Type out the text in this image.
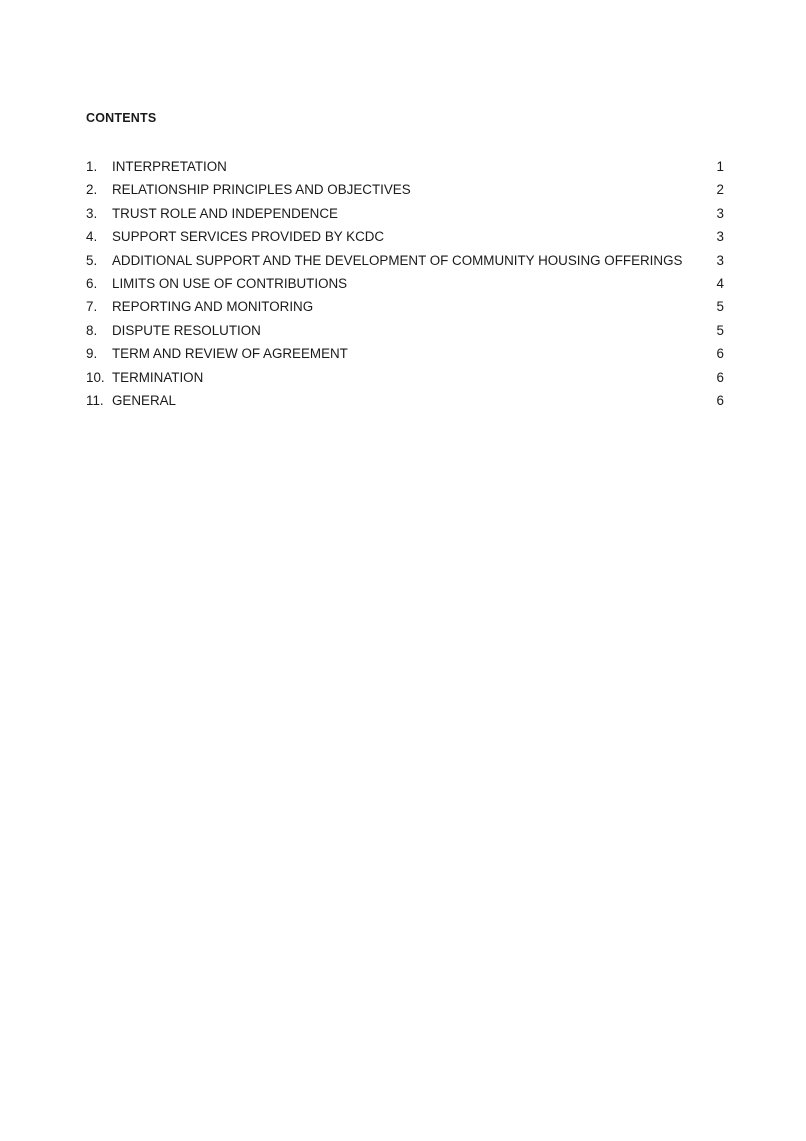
CONTENTS
1.	INTERPRETATION	1
2.	RELATIONSHIP PRINCIPLES AND OBJECTIVES	2
3.	TRUST ROLE AND INDEPENDENCE	3
4.	SUPPORT SERVICES PROVIDED BY KCDC	3
5.	ADDITIONAL SUPPORT AND THE DEVELOPMENT OF COMMUNITY HOUSING OFFERINGS	3
6.	LIMITS ON USE OF CONTRIBUTIONS	4
7.	REPORTING AND MONITORING	5
8.	DISPUTE RESOLUTION	5
9.	TERM AND REVIEW OF AGREEMENT	6
10. TERMINATION	6
11. GENERAL	6
